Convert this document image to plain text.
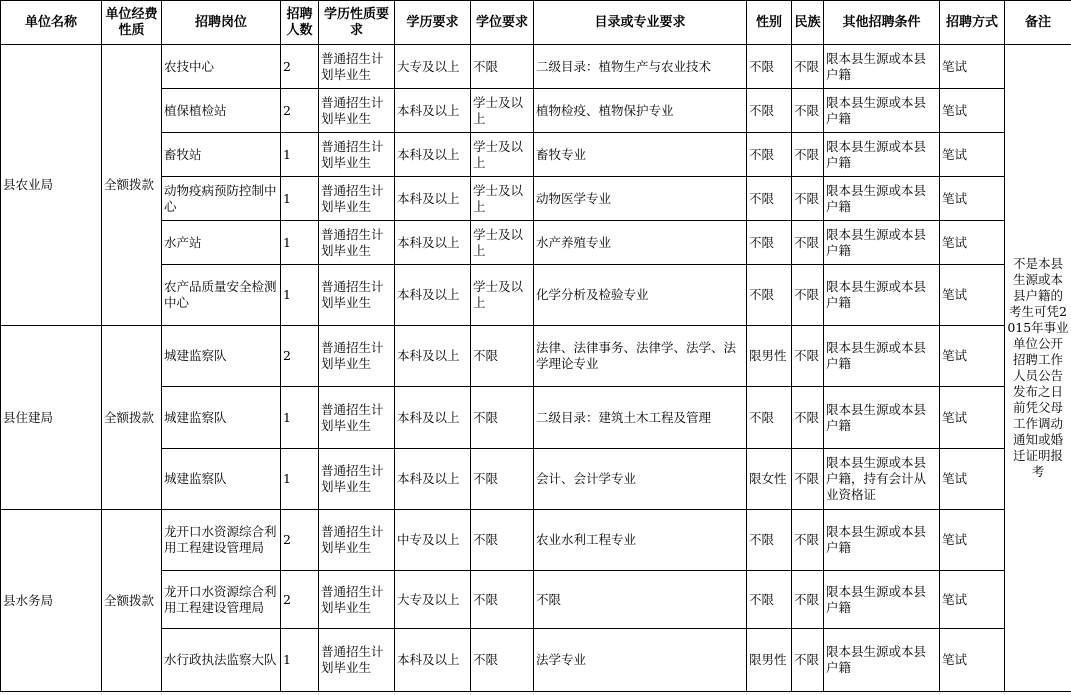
单位名称	单位经费性质	招聘岗位	招聘人数	学历性质要求	学历要求	学位要求	目录或专业要求	性别	民族	其他招聘条件	招聘方式	备注
县农业局	全额拨款	农技中心	2	普通招生计划毕业生	大专及以上	不限	二级目录：植物生产与农业技术	不限	不限	限本县生源或本县户籍	笔试	不是本县生源或本县户籍的考生可凭2015年事业单位公开招聘工作人员公告发布之日前凭父母工作调动通知或婚迁证明报考
		植保植检站	2	普通招生计划毕业生	本科及以上	学士及以上	植物检疫、植物保护专业	不限	不限	限本县生源或本县户籍	笔试	
		畜牧站	1	普通招生计划毕业生	本科及以上	学士及以上	畜牧专业	不限	不限	限本县生源或本县户籍	笔试	
		动物疫病预防控制中心	1	普通招生计划毕业生	本科及以上	学士及以上	动物医学专业	不限	不限	限本县生源或本县户籍	笔试	
		水产站	1	普通招生计划毕业生	本科及以上	学士及以上	水产养殖专业	不限	不限	限本县生源或本县户籍	笔试	
		农产品质量安全检测中心	1	普通招生计划毕业生	本科及以上	学士及以上	化学分析及检验专业	不限	不限	限本县生源或本县户籍	笔试	
县住建局	全额拨款	城建监察队	2	普通招生计划毕业生	本科及以上	不限	法律、法律事务、法律学、法学、法学理论专业	限男性	不限	限本县生源或本县户籍	笔试	
		城建监察队	1	普通招生计划毕业生	本科及以上	不限	二级目录：建筑土木工程及管理	不限	不限	限本县生源或本县户籍	笔试	
		城建监察队	1	普通招生计划毕业生	本科及以上	不限	会计、会计学专业	限女性	不限	限本县生源或本县户籍，持有会计从业资格证	笔试	
县水务局	全额拨款	龙开口水资源综合利用工程建设管理局	2	普通招生计划毕业生	中专及以上	不限	农业水利工程专业	不限	不限	限本县生源或本县户籍	笔试	
		龙开口水资源综合利用工程建设管理局	2	普通招生计划毕业生	大专及以上	不限	不限	不限	不限	限本县生源或本县户籍	笔试	
		水行政执法监察大队	1	普通招生计划毕业生	本科及以上	不限	法学专业	限男性	不限	限本县生源或本县户籍	笔试	
